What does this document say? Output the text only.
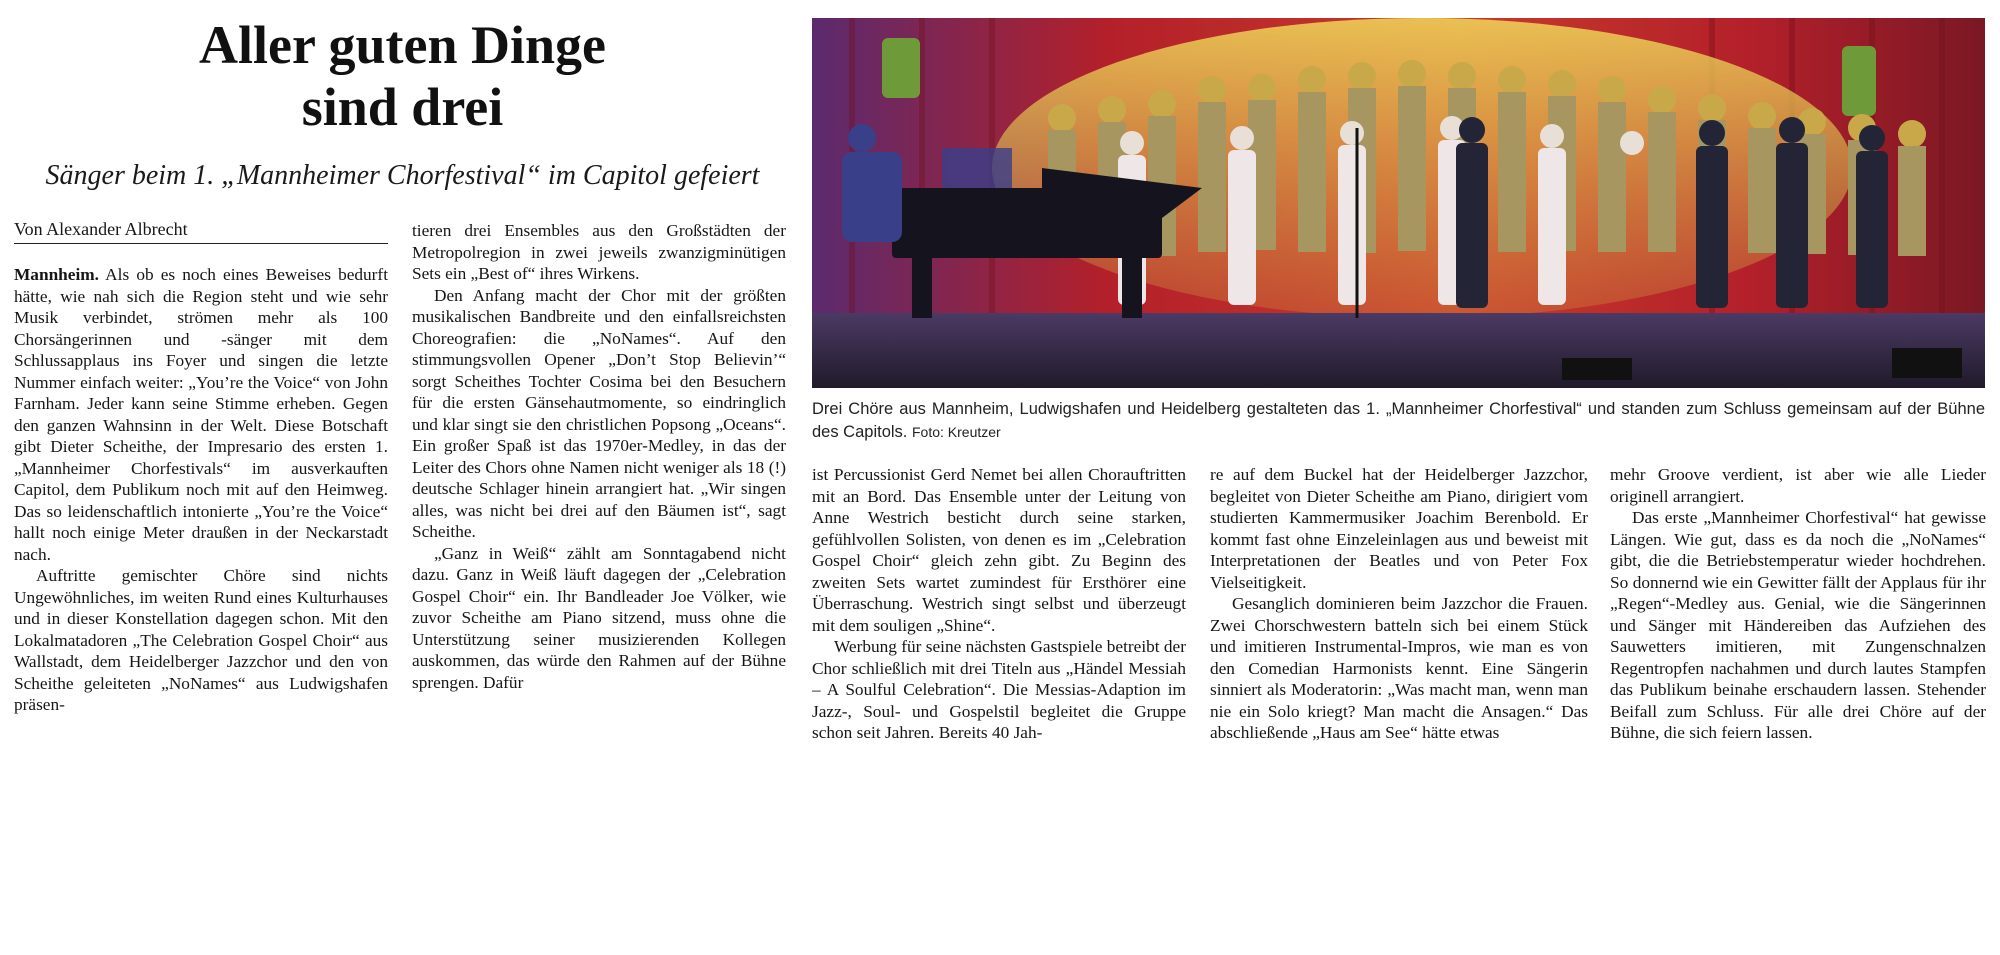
Aller guten Dinge
sind drei
Sänger beim 1. „Mannheimer Chorfestival“ im Capitol gefeiert
Von Alexander Albrecht

Mannheim. Als ob es noch eines Beweises bedurft hätte, wie nah sich die Region steht und wie sehr Musik verbindet, strömen mehr als 100 Chorsängerinnen und -sänger mit dem Schlussapplaus ins Foyer und singen die letzte Nummer einfach weiter: „You’re the Voice“ von John Farnham. Jeder kann seine Stimme erheben. Gegen den ganzen Wahnsinn in der Welt. Diese Botschaft gibt Dieter Scheithe, der Impresario des ersten 1. „Mannheimer Chorfestivals“ im ausverkauften Capitol, dem Publikum noch mit auf den Heimweg. Das so leidenschaftlich intonierte „You’re the Voice“ hallt noch einige Meter draußen in der Neckarstadt nach.

Auftritte gemischter Chöre sind nichts Ungewöhnliches, im weiten Rund eines Kulturhauses und in dieser Konstellation dagegen schon. Mit den Lokalmatadoren „The Celebration Gospel Choir“ aus Wallstadt, dem Heidelberger Jazzchor und den von Scheithe geleiteten „NoNames“ aus Ludwigshafen präsen-

tieren drei Ensembles aus den Großstädten der Metropolregion in zwei jeweils zwanzigminütigen Sets ein „Best of“ ihres Wirkens.

Den Anfang macht der Chor mit der größten musikalischen Bandbreite und den einfallsreichsten Choreografien: die „NoNames“. Auf den stimmungsvollen Opener „Don’t Stop Believin’“ sorgt Scheithes Tochter Cosima bei den Besuchern für die ersten Gänsehautmomente, so eindringlich und klar singt sie den christlichen Popsong „Oceans“. Ein großer Spaß ist das 1970er-Medley, in das der Leiter des Chors ohne Namen nicht weniger als 18 (!) deutsche Schlager hinein arrangiert hat. „Wir singen alles, was nicht bei drei auf den Bäumen ist“, sagt Scheithe.

„Ganz in Weiß“ zählt am Sonntagabend nicht dazu. Ganz in Weiß läuft dagegen der „Celebration Gospel Choir“ ein. Ihr Bandleader Joe Völker, wie zuvor Scheithe am Piano sitzend, muss ohne die Unterstützung seiner musizierenden Kollegen auskommen, das würde den Rahmen auf der Bühne sprengen. Dafür

Drei Chöre aus Mannheim, Ludwigshafen und Heidelberg gestalteten das 1. „Mannheimer Chorfestival“ und standen zum Schluss gemeinsam auf der Bühne des Capitols. Foto: Kreutzer

ist Percussionist Gerd Nemet bei allen Chorauftritten mit an Bord. Das Ensemble unter der Leitung von Anne Westrich besticht durch seine starken, gefühlvollen Solisten, von denen es im „Celebration Gospel Choir“ gleich zehn gibt. Zu Beginn des zweiten Sets wartet zumindest für Ersthörer eine Überraschung. Westrich singt selbst und überzeugt mit dem souligen „Shine“.

Werbung für seine nächsten Gastspiele betreibt der Chor schließlich mit drei Titeln aus „Händel Messiah – A Soulful Celebration“. Die Messias-Adaption im Jazz-, Soul- und Gospelstil begleitet die Gruppe schon seit Jahren. Bereits 40 Jah-

re auf dem Buckel hat der Heidelberger Jazzchor, begleitet von Dieter Scheithe am Piano, dirigiert vom studierten Kammermusiker Joachim Berenbold. Er kommt fast ohne Einzeleinlagen aus und beweist mit Interpretationen der Beatles und von Peter Fox Vielseitigkeit.

Gesanglich dominieren beim Jazzchor die Frauen. Zwei Chorschwestern batteln sich bei einem Stück und imitieren Instrumental-Impros, wie man es von den Comedian Harmonists kennt. Eine Sängerin sinniert als Moderatorin: „Was macht man, wenn man nie ein Solo kriegt? Man macht die Ansagen.“ Das abschließende „Haus am See“ hätte etwas

mehr Groove verdient, ist aber wie alle Lieder originell arrangiert.

Das erste „Mannheimer Chorfestival“ hat gewisse Längen. Wie gut, dass es da noch die „NoNames“ gibt, die die Betriebstemperatur wieder hochdrehen. So donnernd wie ein Gewitter fällt der Applaus für ihr „Regen“-Medley aus. Genial, wie die Sängerinnen und Sänger mit Händereiben das Aufziehen des Sauwetters imitieren, mit Zungenschnalzen Regentropfen nachahmen und durch lautes Stampfen das Publikum beinahe erschaudern lassen. Stehender Beifall zum Schluss. Für alle drei Chöre auf der Bühne, die sich feiern lassen.
